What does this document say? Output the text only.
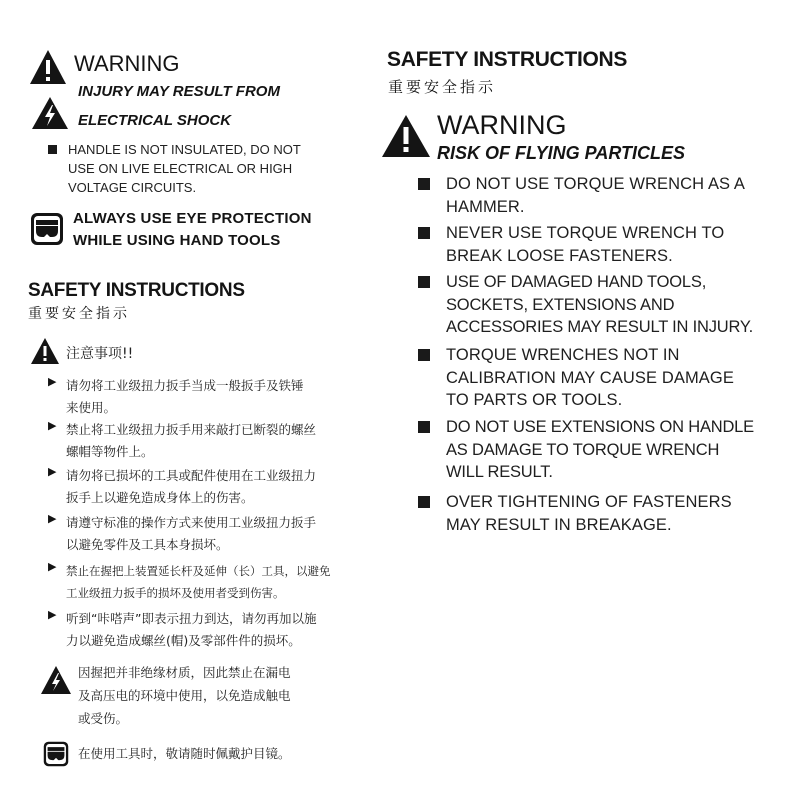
WARNING
INJURY MAY RESULT FROM
ELECTRICAL SHOCK
HANDLE IS NOT INSULATED, DO NOT
USE ON LIVE ELECTRICAL OR HIGH
VOLTAGE CIRCUITS.
ALWAYS USE EYE PROTECTION
WHILE USING HAND TOOLS
SAFETY INSTRUCTIONS
重要安全指示
注意事项!!
▶ 请勿将工业级扭力扳手当成一般扳手及铁锤
来使用。
▶ 禁止将工业级扭力扳手用来敲打已断裂的螺丝
螺帽等物件上。
▶ 请勿将已损坏的工具或配件使用在工业级扭力
扳手上以避免造成身体上的伤害。
▶ 请遵守标准的操作方式来使用工业级扭力扳手
以避免零件及工具本身损坏。
▶ 禁止在握把上装置延长杆及延伸（长）工具，以避免
工业级扭力扳手的损坏及使用者受到伤害。
▶ 听到“咔嗒声”即表示扭力到达，请勿再加以施
力以避免造成螺丝(帽)及零部件件的损坏。
因握把并非绝缘材质，因此禁止在漏电
及高压电的环境中使用，以免造成触电
或受伤。
在使用工具时，敬请随时佩戴护目镜。
SAFETY INSTRUCTIONS
重要安全指示
WARNING
RISK OF FLYING PARTICLES
DO NOT USE TORQUE WRENCH AS A
HAMMER.
NEVER USE TORQUE WRENCH TO
BREAK LOOSE FASTENERS.
USE OF DAMAGED HAND TOOLS,
SOCKETS, EXTENSIONS AND
ACCESSORIES MAY RESULT IN INJURY.
TORQUE WRENCHES NOT IN
CALIBRATION MAY CAUSE DAMAGE
TO PARTS OR TOOLS.
DO NOT USE EXTENSIONS ON HANDLE
AS DAMAGE TO TORQUE WRENCH
WILL RESULT.
OVER TIGHTENING OF FASTENERS
MAY RESULT IN BREAKAGE.
